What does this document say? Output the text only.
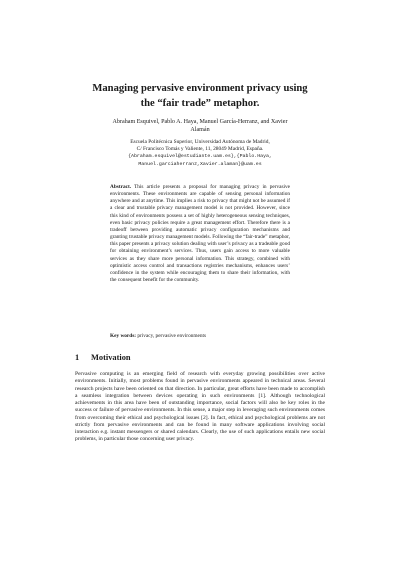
Managing pervasive environment privacy using
the “fair trade” metaphor.
Abraham Esquivel, Pablo A. Haya, Manuel García-Herranz, and Xavier
Alamán
Escuela Politécnica Superior, Universidad Autónoma de Madrid,
C/ Francisco Tomás y Valiente, 11, 28049 Madrid, España.
{Abraham.esquivel@estudiante.uam.es},{Pablo.Haya,
Manuel.garciaherranz,Xavier.alaman}@uam.es
Abstract. This article presents a proposal for managing privacy in pervasive environments. These environments are capable of sensing personal information anywhere and at anytime. This implies a risk to privacy that might not be assumed if a clear and trustable privacy management model is not provided. However, since this kind of environments possess a set of highly heterogeneous sensing techniques, even basic privacy policies require a great management effort. Therefore there is a tradeoff between providing automatic privacy configuration mechanisms and granting trustable privacy management models. Following the “fair-trade” metaphor, this paper presents a privacy solution dealing with user’s privacy as a tradeable good for obtaining environment’s services. Thus, users gain access to more valuable services as they share more personal information. This strategy, combined with optimistic access control and transactions registries mechanisms, enhances users’ confidence in the system while encouraging them to share their information, with the consequent benefit for the community.
Key words: privacy, pervasive environments
1 Motivation
Pervasive computing is an emerging field of research with everyday growing possibilities over active environments. Initially, most problems found in pervasive environments appeared in technical areas. Several research projects have been oriented on that direction. In particular, great efforts have been made to accomplish a seamless integration between devices operating in such environments [1]. Although technological achievements in this area have been of outstanding importance, social factors will also be key roles in the success or failure of pervasive environments. In this sense, a major step in leveraging such environments comes from overcoming their ethical and psychological issues [2]. In fact, ethical and psychological problems are not strictly from pervasive environments and can be found in many software applications involving social interaction e.g. instant messengers or shared calendars. Clearly, the use of such applications entails new social problems, in particular those concerning user privacy.
